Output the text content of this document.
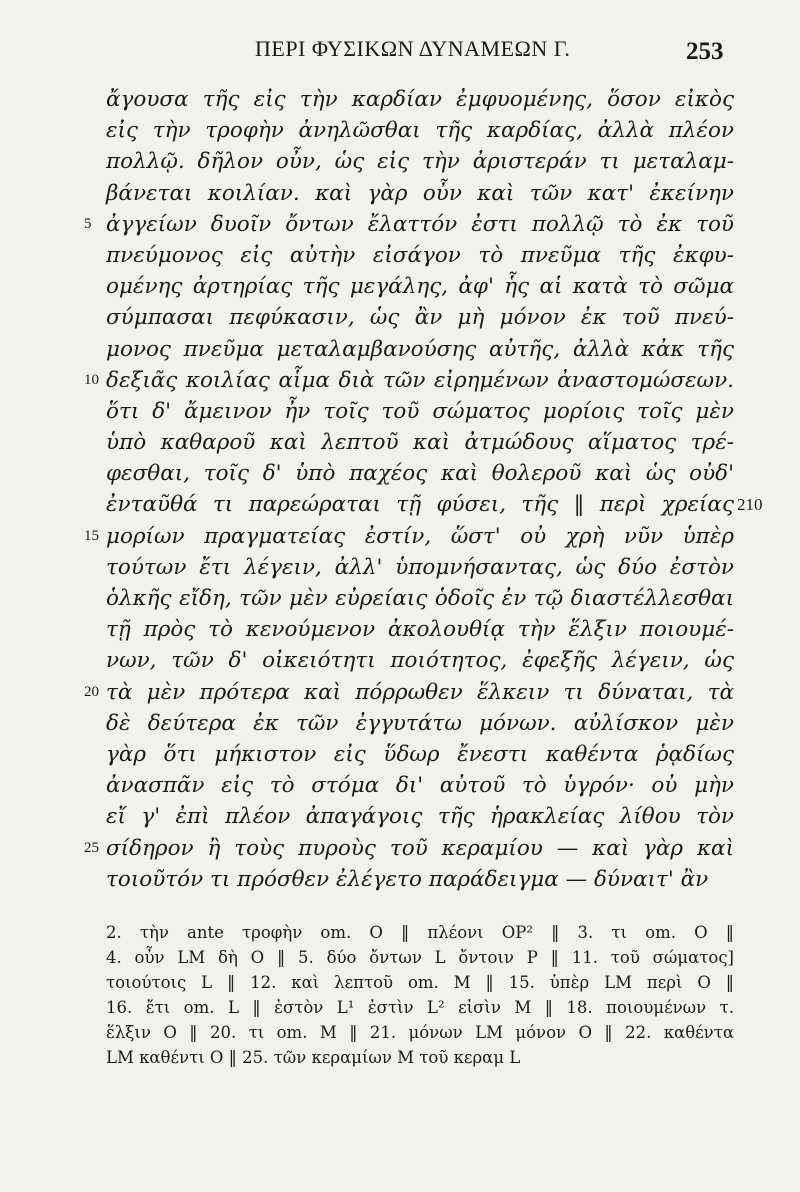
ΠΕΡΙ ΦΥΣΙΚΩΝ ΔΥΝΑΜΕΩΝ Γ.	253
ἄγουσα τῆς εἰς τὴν καρδίαν ἐμφυομένης, ὅσον εἰκὸς
εἰς τὴν τροφὴν ἀνηλῶσθαι τῆς καρδίας, ἀλλὰ πλέον
πολλῷ. δῆλον οὖν, ὡς εἰς τὴν ἀριστεράν τι μεταλαμ-
βάνεται κοιλίαν. καὶ γὰρ οὖν καὶ τῶν κατ' ἐκείνην
5 ἀγγείων δυοῖν ὄντων ἔλαττόν ἐστι πολλῷ τὸ ἐκ τοῦ
πνεύμονος εἰς αὐτὴν εἰσάγον τὸ πνεῦμα τῆς ἐκφυ-
ομένης ἀρτηρίας τῆς μεγάλης, ἀφ' ἧς αἱ κατὰ τὸ σῶμα
σύμπασαι πεφύκασιν, ὡς ἂν μὴ μόνον ἐκ τοῦ πνεύ-
μονος πνεῦμα μεταλαμβανούσης αὐτῆς, ἀλλὰ κἀκ τῆς
10 δεξιᾶς κοιλίας αἷμα διὰ τῶν εἰρημένων ἀναστομώσεων.
ὅτι δ' ἄμεινον ἦν τοῖς τοῦ σώματος μορίοις τοῖς μὲν
ὑπὸ καθαροῦ καὶ λεπτοῦ καὶ ἀτμώδους αἵματος τρέ-
φεσθαι, τοῖς δ' ὑπὸ παχέος καὶ θολεροῦ καὶ ὡς οὐδ'
ἐνταῦθά τι παρεώραται τῇ φύσει, τῆς ‖ περὶ χρείας 210
15 μορίων πραγματείας ἐστίν, ὥστ' οὐ χρὴ νῦν ὑπὲρ
τούτων ἔτι λέγειν, ἀλλ' ὑπομνήσαντας, ὡς δύο ἐστὸν
ὁλκῆς εἴδη, τῶν μὲν εὐρείαις ὁδοῖς ἐν τῷ διαστέλλεσθαι
τῇ πρὸς τὸ κενούμενον ἀκολουθίᾳ τὴν ἕλξιν ποιουμέ-
νων, τῶν δ' οἰκειότητι ποιότητος, ἐφεξῆς λέγειν, ὡς
20 τὰ μὲν πρότερα καὶ πόρρωθεν ἕλκειν τι δύναται, τὰ
δὲ δεύτερα ἐκ τῶν ἐγγυτάτω μόνων. αὐλίσκον μὲν
γὰρ ὅτι μήκιστον εἰς ὕδωρ ἔνεστι καθέντα ῥᾳδίως
ἀνασπᾶν εἰς τὸ στόμα δι' αὐτοῦ τὸ ὑγρόν· οὐ μὴν
εἴ γ' ἐπὶ πλέον ἀπαγάγοις τῆς ἡρακλείας λίθου τὸν
25 σίδηρον ἢ τοὺς πυροὺς τοῦ κεραμίου — καὶ γὰρ καὶ
τοιοῦτόν τι πρόσθεν ἐλέγετο παράδειγμα — δύναιτ' ἂν
2. τὴν ante τροφὴν om. O ‖ πλέονι OP² ‖ 3. τι om. O ‖
4. οὖν LM δὴ O ‖ 5. δύο ὄντων L ὄντοιν P ‖ 11. τοῦ σώματος]
τοιούτοις L ‖ 12. καὶ λεπτοῦ om. M ‖ 15. ὑπὲρ LM περὶ O ‖
16. ἔτι om. L ‖ ἐστὸν L¹ ἐστὶν L² εἰσὶν M ‖ 18. ποιουμένων τ.
ἕλξιν O ‖ 20. τι om. M ‖ 21. μόνων LM μόνον O ‖ 22. καθέντα
LM καθέντι O ‖ 25. τῶν κεραμίων M τοῦ κεραμ L
